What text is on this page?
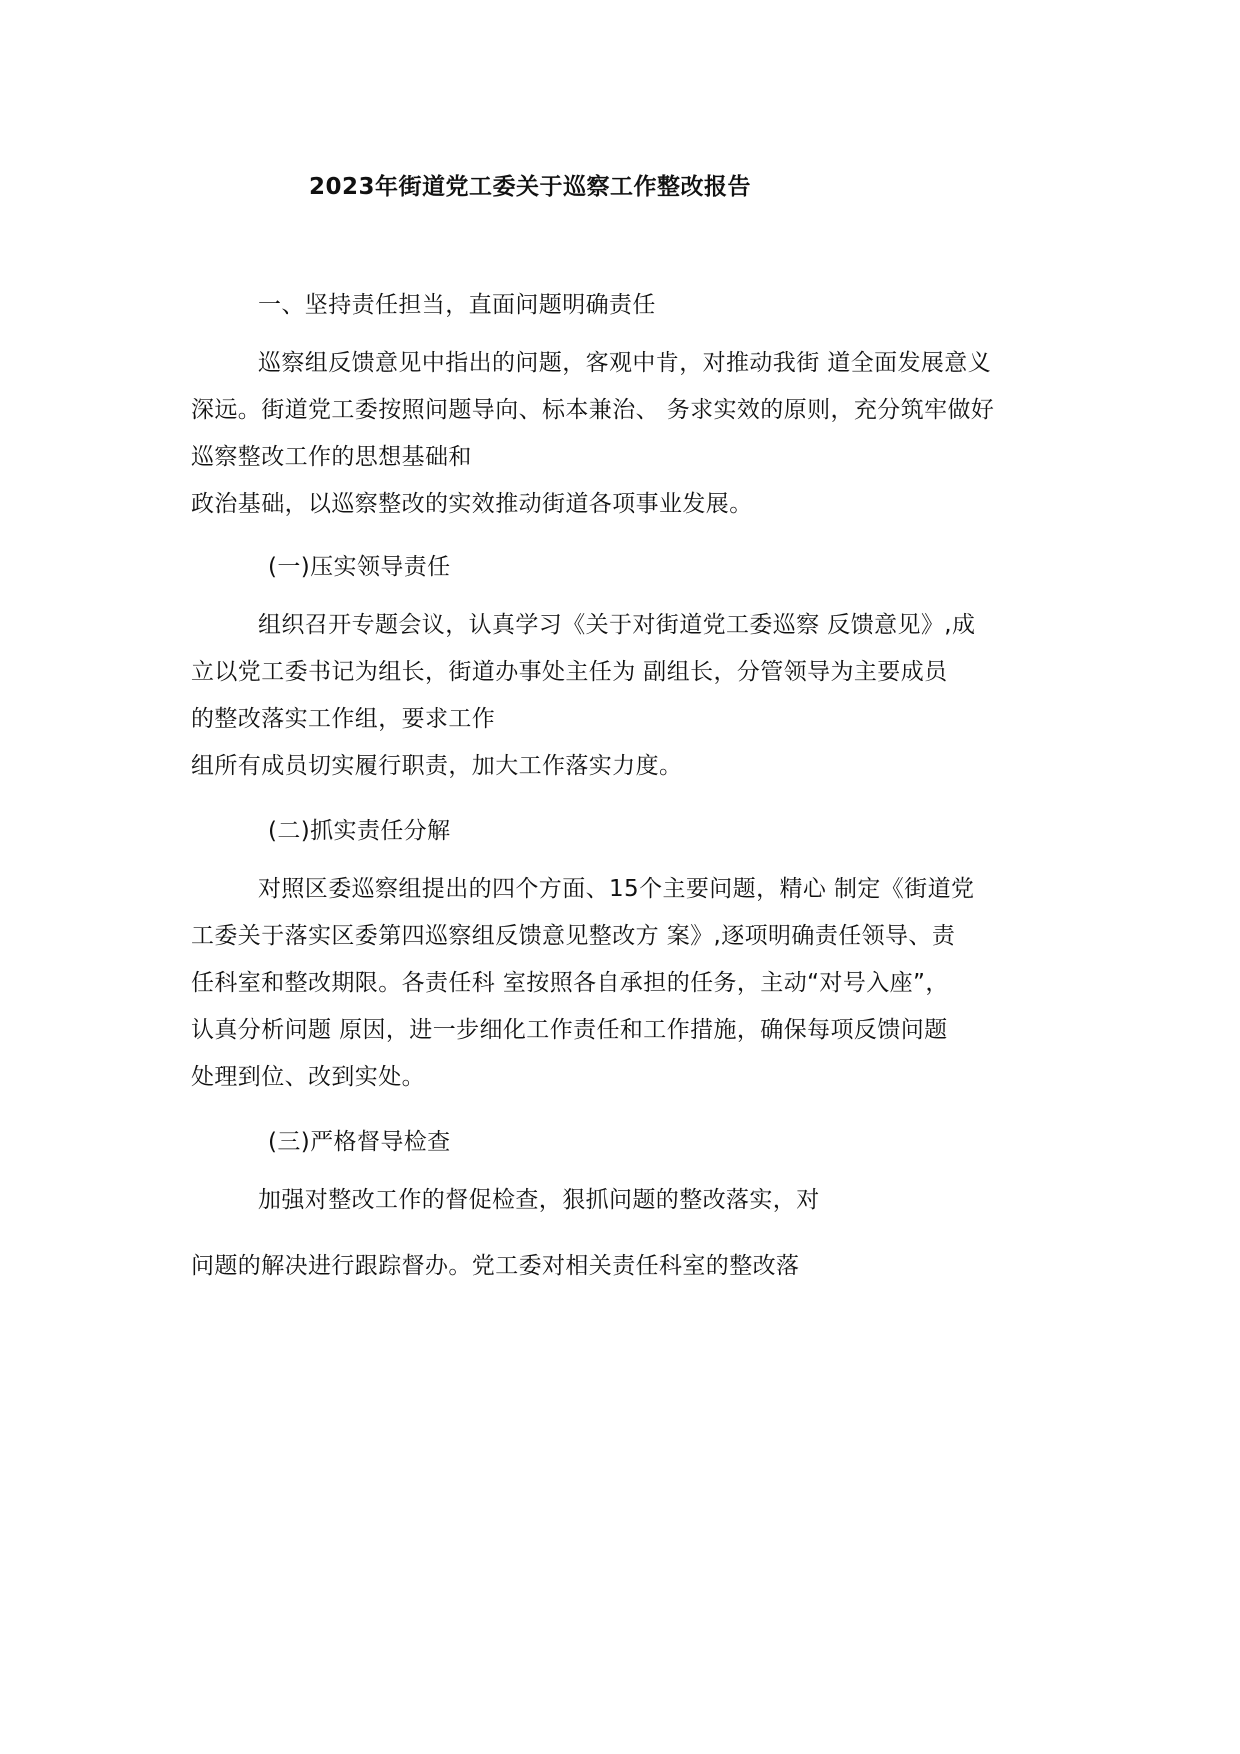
2023年街道党工委关于巡察工作整改报告
一、坚持责任担当，直面问题明确责任
巡察组反馈意见中指出的问题，客观中肯，对推动我街 道全面发展意义
深远。街道党工委按照问题导向、标本兼治、 务求实效的原则，充分筑牢做好
巡察整改工作的思想基础和
政治基础，以巡察整改的实效推动街道各项事业发展。
(一)压实领导责任
组织召开专题会议，认真学习《关于对街道党工委巡察 反馈意见》,成
立以党工委书记为组长，街道办事处主任为 副组长，分管领导为主要成员
的整改落实工作组，要求工作
组所有成员切实履行职责，加大工作落实力度。
(二)抓实责任分解
对照区委巡察组提出的四个方面、15个主要问题，精心 制定《街道党
工委关于落实区委第四巡察组反馈意见整改方 案》,逐项明确责任领导、责
任科室和整改期限。各责任科 室按照各自承担的任务，主动“对号入座”，
认真分析问题 原因，进一步细化工作责任和工作措施，确保每项反馈问题
处理到位、改到实处。
(三)严格督导检查
加强对整改工作的督促检查，狠抓问题的整改落实，对
问题的解决进行跟踪督办。党工委对相关责任科室的整改落
